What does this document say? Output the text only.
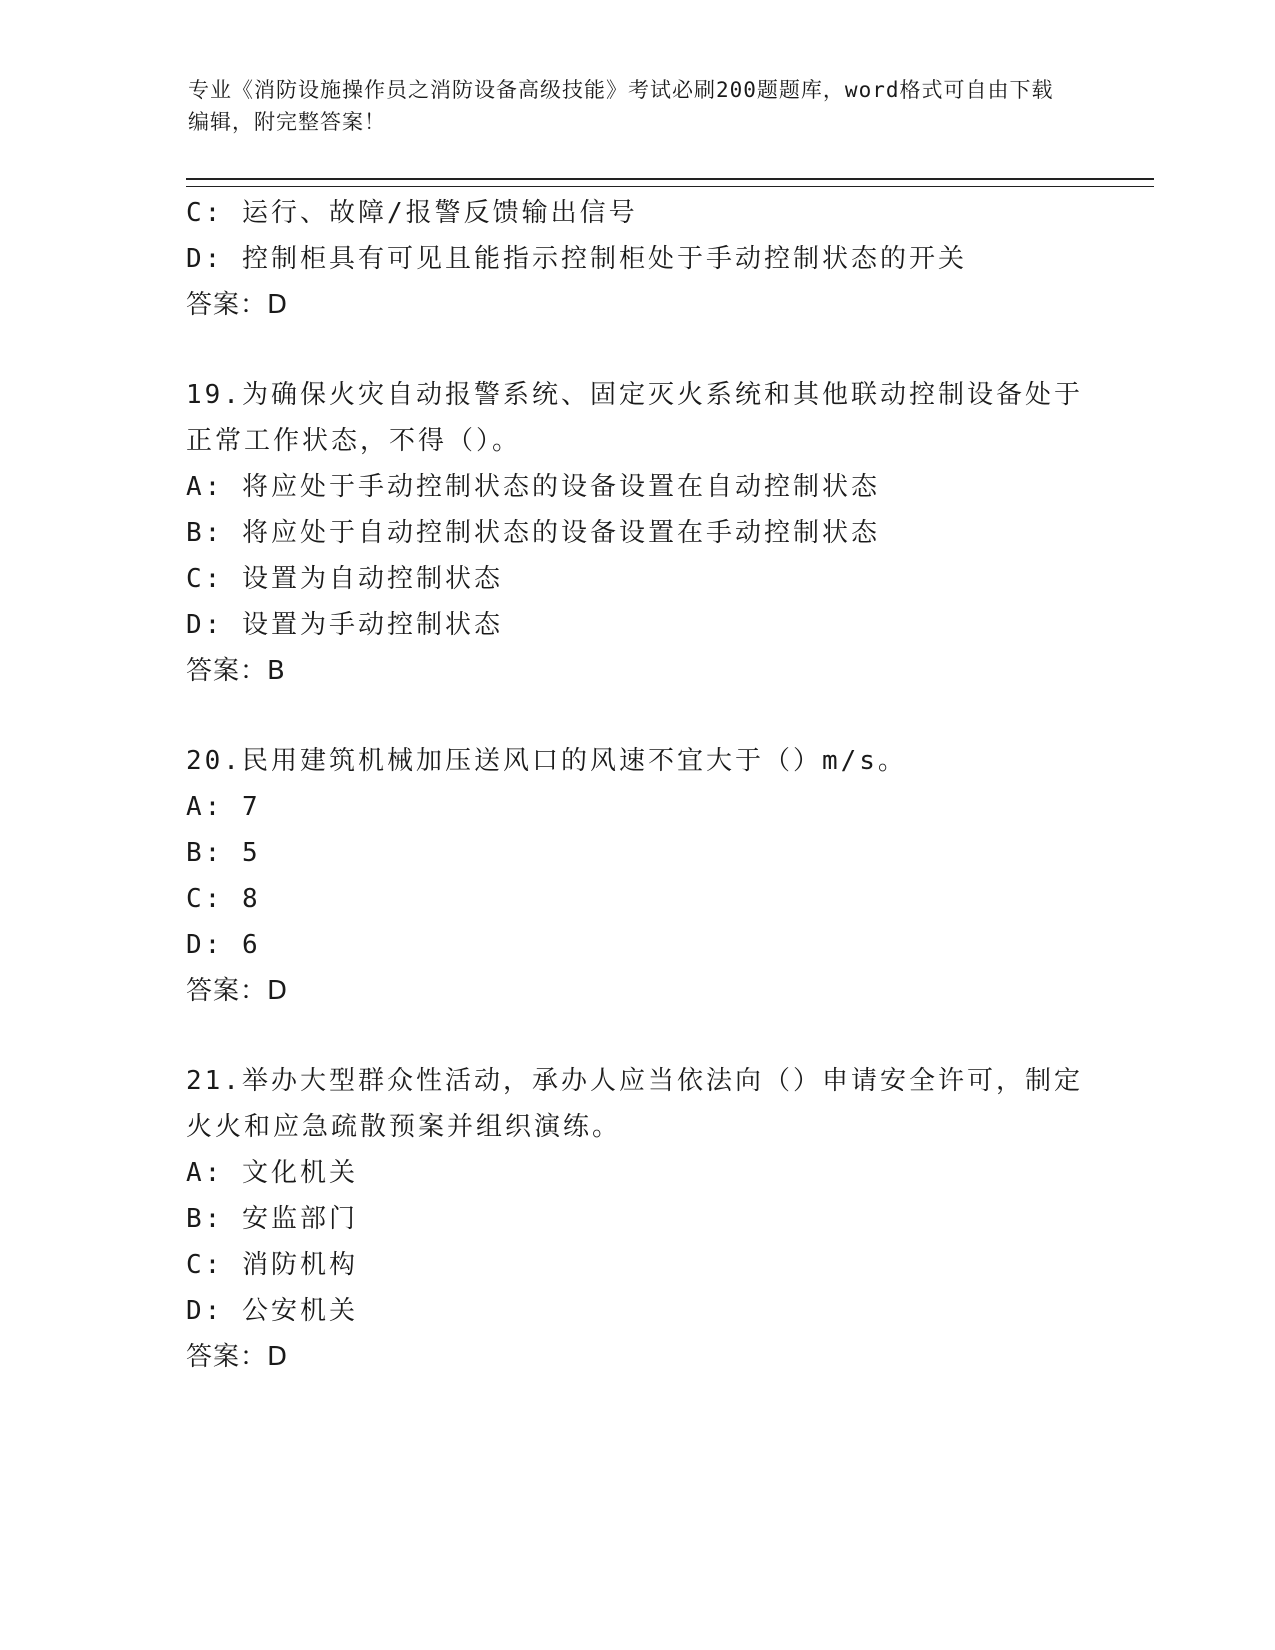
专业《消防设施操作员之消防设备高级技能》考试必刷200题题库，word格式可自由下载编辑，附完整答案！
C: 运行、故障/报警反馈输出信号
D: 控制柜具有可见且能指示控制柜处于手动控制状态的开关
答案：D
19.为确保火灾自动报警系统、固定灭火系统和其他联动控制设备处于正常工作状态，不得（）。
A: 将应处于手动控制状态的设备设置在自动控制状态
B: 将应处于自动控制状态的设备设置在手动控制状态
C: 设置为自动控制状态
D: 设置为手动控制状态
答案：B
20.民用建筑机械加压送风口的风速不宜大于（）m/s。
A: 7
B: 5
C: 8
D: 6
答案：D
21.举办大型群众性活动，承办人应当依法向（）申请安全许可，制定火火和应急疏散预案并组织演练。
A: 文化机关
B: 安监部门
C: 消防机构
D: 公安机关
答案：D
